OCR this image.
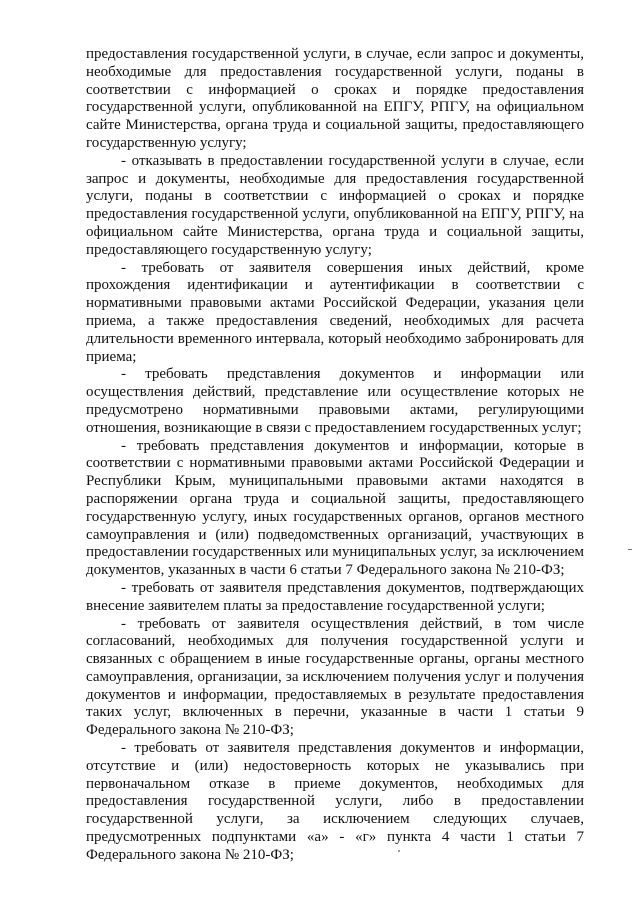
предоставления государственной услуги, в случае, если запрос и документы, необходимые для предоставления государственной услуги, поданы в соответствии с информацией о сроках и порядке предоставления государственной услуги, опубликованной на ЕПГУ, РПГУ, на официальном сайте Министерства, органа труда и социальной защиты, предоставляющего государственную услугу;

- отказывать в предоставлении государственной услуги в случае, если запрос и документы, необходимые для предоставления государственной услуги, поданы в соответствии с информацией о сроках и порядке предоставления государственной услуги, опубликованной на ЕПГУ, РПГУ, на официальном сайте Министерства, органа труда и социальной защиты, предоставляющего государственную услугу;

- требовать от заявителя совершения иных действий, кроме прохождения идентификации и аутентификации в соответствии с нормативными правовыми актами Российской Федерации, указания цели приема, а также предоставления сведений, необходимых для расчета длительности временного интервала, который необходимо забронировать для приема;

- требовать представления документов и информации или осуществления действий, представление или осуществление которых не предусмотрено нормативными правовыми актами, регулирующими отношения, возникающие в связи с предоставлением государственных услуг;

- требовать представления документов и информации, которые в соответствии с нормативными правовыми актами Российской Федерации и Республики Крым, муниципальными правовыми актами находятся в распоряжении органа труда и социальной защиты, предоставляющего государственную услугу, иных государственных органов, органов местного самоуправления и (или) подведомственных организаций, участвующих в предоставлении государственных или муниципальных услуг, за исключением документов, указанных в части 6 статьи 7 Федерального закона № 210-ФЗ;

- требовать от заявителя представления документов, подтверждающих внесение заявителем платы за предоставление государственной услуги;

- требовать от заявителя осуществления действий, в том числе согласований, необходимых для получения государственной услуги и связанных с обращением в иные государственные органы, органы местного самоуправления, организации, за исключением получения услуг и получения документов и информации, предоставляемых в результате предоставления таких услуг, включенных в перечни, указанные в части 1 статьи 9 Федерального закона № 210-ФЗ;

- требовать от заявителя представления документов и информации, отсутствие и (или) недостоверность которых не указывались при первоначальном отказе в приеме документов, необходимых для предоставления государственной услуги, либо в предоставлении государственной услуги, за исключением следующих случаев, предусмотренных подпунктами «а» - «г» пункта 4 части 1 статьи 7 Федерального закона № 210-ФЗ;
